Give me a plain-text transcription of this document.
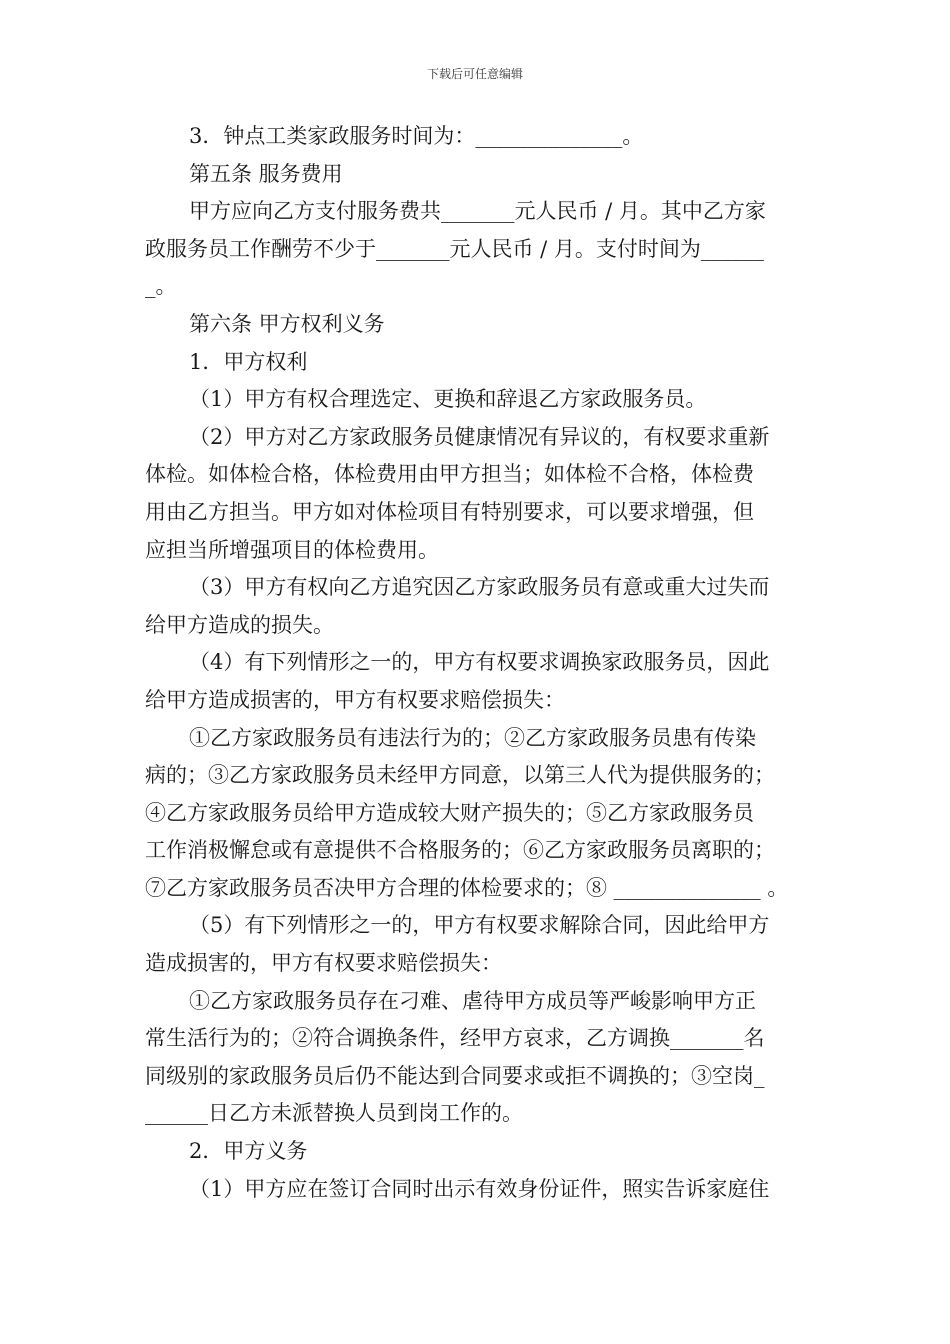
下载后可任意编辑
3．钟点工类家政服务时间为：______________。
第五条 服务费用
甲方应向乙方支付服务费共_______元人民币 / 月。其中乙方家
政服务员工作酬劳不少于_______元人民币 / 月。支付时间为______
_。
第六条 甲方权利义务
1．甲方权利
（1）甲方有权合理选定、更换和辞退乙方家政服务员。
（2）甲方对乙方家政服务员健康情况有异议的，有权要求重新
体检。如体检合格，体检费用由甲方担当；如体检不合格，体检费
用由乙方担当。甲方如对体检项目有特别要求，可以要求增强，但
应担当所增强项目的体检费用。
（3）甲方有权向乙方追究因乙方家政服务员有意或重大过失而
给甲方造成的损失。
（4）有下列情形之一的，甲方有权要求调换家政服务员，因此
给甲方造成损害的，甲方有权要求赔偿损失：
①乙方家政服务员有违法行为的；②乙方家政服务员患有传染
病的；③乙方家政服务员未经甲方同意，以第三人代为提供服务的；
④乙方家政服务员给甲方造成较大财产损失的；⑤乙方家政服务员
工作消极懈怠或有意提供不合格服务的；⑥乙方家政服务员离职的；
⑦乙方家政服务员否决甲方合理的体检要求的；⑧ ______________ 。
（5）有下列情形之一的，甲方有权要求解除合同，因此给甲方
造成损害的，甲方有权要求赔偿损失：
①乙方家政服务员存在刁难、虐待甲方成员等严峻影响甲方正
常生活行为的；②符合调换条件，经甲方哀求，乙方调换_______名
同级别的家政服务员后仍不能达到合同要求或拒不调换的；③空岗_
______日乙方未派替换人员到岗工作的。
2．甲方义务
（1）甲方应在签订合同时出示有效身份证件，照实告诉家庭住
